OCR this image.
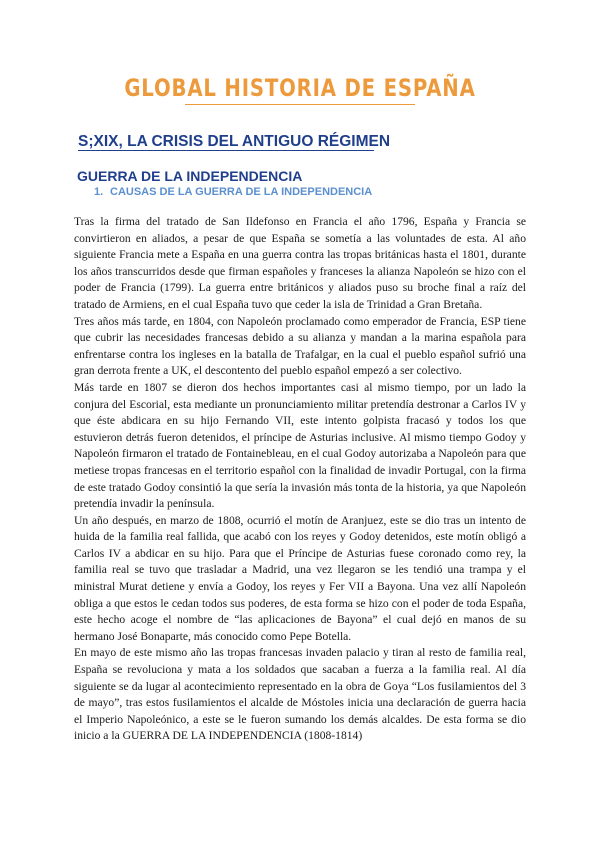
GLOBAL HISTORIA DE ESPAÑA
S;XIX, LA CRISIS DEL ANTIGUO RÉGIMEN
GUERRA DE LA INDEPENDENCIA
1. CAUSAS DE LA GUERRA DE LA INDEPENDENCIA

Tras la firma del tratado de San Ildefonso en Francia el año 1796, España y Francia se convirtieron en aliados, a pesar de que España se sometía a las voluntades de esta. Al año siguiente Francia mete a España en una guerra contra las tropas británicas hasta el 1801, durante los años transcurridos desde que firman españoles y franceses la alianza Napoleón se hizo con el poder de Francia (1799). La guerra entre británicos y aliados puso su broche final a raíz del tratado de Armiens, en el cual España tuvo que ceder la isla de Trinidad a Gran Bretaña.

Tres años más tarde, en 1804, con Napoleón proclamado como emperador de Francia, ESP tiene que cubrir las necesidades francesas debido a su alianza y mandan a la marina española para enfrentarse contra los ingleses en la batalla de Trafalgar, en la cual el pueblo español sufrió una gran derrota frente a UK, el descontento del pueblo español empezó a ser colectivo.

Más tarde en 1807 se dieron dos hechos importantes casi al mismo tiempo, por un lado la conjura del Escorial, esta mediante un pronunciamiento militar pretendía destronar a Carlos IV y que éste abdicara en su hijo Fernando VII, este intento golpista fracasó y todos los que estuvieron detrás fueron detenidos, el príncipe de Asturias inclusive. Al mismo tiempo Godoy y Napoleón firmaron el tratado de Fontainebleau, en el cual Godoy autorizaba a Napoleón para que metiese tropas francesas en el territorio español con la finalidad de invadir Portugal, con la firma de este tratado Godoy consintió la que sería la invasión más tonta de la historia, ya que Napoleón pretendía invadir la península.

Un año después, en marzo de 1808, ocurrió el motín de Aranjuez, este se dio tras un intento de huida de la familia real fallida, que acabó con los reyes y Godoy detenidos, este motín obligó a Carlos IV a abdicar en su hijo. Para que el Príncipe de Asturias fuese coronado como rey, la familia real se tuvo que trasladar a Madrid, una vez llegaron se les tendió una trampa y el ministral Murat detiene y envía a Godoy, los reyes y Fer VII a Bayona. Una vez allí Napoleón obliga a que estos le cedan todos sus poderes, de esta forma se hizo con el poder de toda España, este hecho acoge el nombre de “las aplicaciones de Bayona” el cual dejó en manos de su hermano José Bonaparte, más conocido como Pepe Botella.

En mayo de este mismo año las tropas francesas invaden palacio y tiran al resto de familia real, España se revoluciona y mata a los soldados que sacaban a fuerza a la familia real. Al día siguiente se da lugar al acontecimiento representado en la obra de Goya “Los fusilamientos del 3 de mayo”, tras estos fusilamientos el alcalde de Móstoles inicia una declaración de guerra hacia el Imperio Napoleónico, a este se le fueron sumando los demás alcaldes. De esta forma se dio inicio a la GUERRA DE LA INDEPENDENCIA (1808-1814)
